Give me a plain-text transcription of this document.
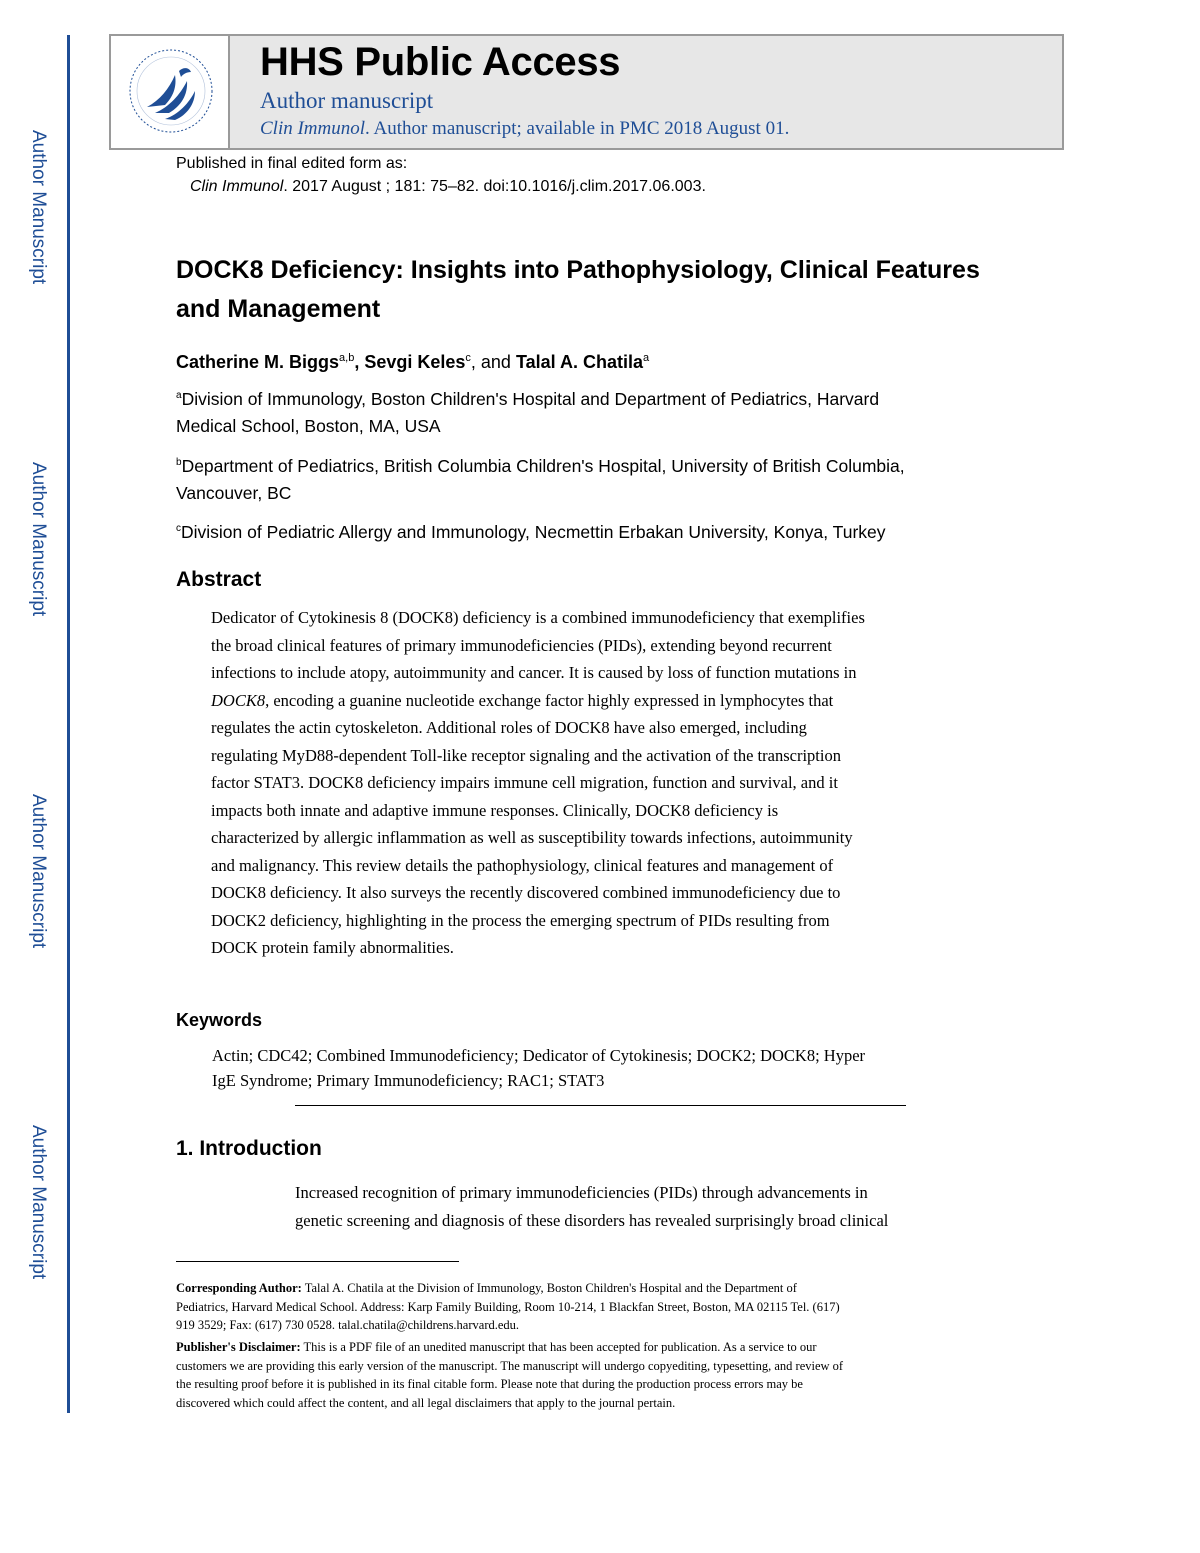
Author Manuscript
Author Manuscript
Author Manuscript
Author Manuscript
HHS Public Access
Author manuscript
Clin Immunol. Author manuscript; available in PMC 2018 August 01.
Published in final edited form as:
Clin Immunol. 2017 August ; 181: 75–82. doi:10.1016/j.clim.2017.06.003.
DOCK8 Deficiency: Insights into Pathophysiology, Clinical Features and Management
Catherine M. Biggs$^{a,b}$, Sevgi Keles$^c$, and Talal A. Chatila$^a$
$^a$Division of Immunology, Boston Children's Hospital and Department of Pediatrics, Harvard
Medical School, Boston, MA, USA
$^b$Department of Pediatrics, British Columbia Children's Hospital, University of British Columbia,
Vancouver, BC
$^c$Division of Pediatric Allergy and Immunology, Necmettin Erbakan University, Konya, Turkey
Abstract
Dedicator of Cytokinesis 8 (DOCK8) deficiency is a combined immunodeficiency that exemplifies
the broad clinical features of primary immunodeficiencies (PIDs), extending beyond recurrent
infections to include atopy, autoimmunity and cancer. It is caused by loss of function mutations in
DOCK8, encoding a guanine nucleotide exchange factor highly expressed in lymphocytes that
regulates the actin cytoskeleton. Additional roles of DOCK8 have also emerged, including
regulating MyD88-dependent Toll-like receptor signaling and the activation of the transcription
factor STAT3. DOCK8 deficiency impairs immune cell migration, function and survival, and it
impacts both innate and adaptive immune responses. Clinically, DOCK8 deficiency is
characterized by allergic inflammation as well as susceptibility towards infections, autoimmunity
and malignancy. This review details the pathophysiology, clinical features and management of
DOCK8 deficiency. It also surveys the recently discovered combined immunodeficiency due to
DOCK2 deficiency, highlighting in the process the emerging spectrum of PIDs resulting from
DOCK protein family abnormalities.
Keywords
Actin; CDC42; Combined Immunodeficiency; Dedicator of Cytokinesis; DOCK2; DOCK8; Hyper
IgE Syndrome; Primary Immunodeficiency; RAC1; STAT3
1. Introduction
Increased recognition of primary immunodeficiencies (PIDs) through advancements in
genetic screening and diagnosis of these disorders has revealed surprisingly broad clinical
Corresponding Author: Talal A. Chatila at the Division of Immunology, Boston Children's Hospital and the Department of
Pediatrics, Harvard Medical School. Address: Karp Family Building, Room 10-214, 1 Blackfan Street, Boston, MA 02115 Tel. (617)
919 3529; Fax: (617) 730 0528. talal.chatila@childrens.harvard.edu.
Publisher's Disclaimer: This is a PDF file of an unedited manuscript that has been accepted for publication. As a service to our
customers we are providing this early version of the manuscript. The manuscript will undergo copyediting, typesetting, and review of
the resulting proof before it is published in its final citable form. Please note that during the production process errors may be
discovered which could affect the content, and all legal disclaimers that apply to the journal pertain.
